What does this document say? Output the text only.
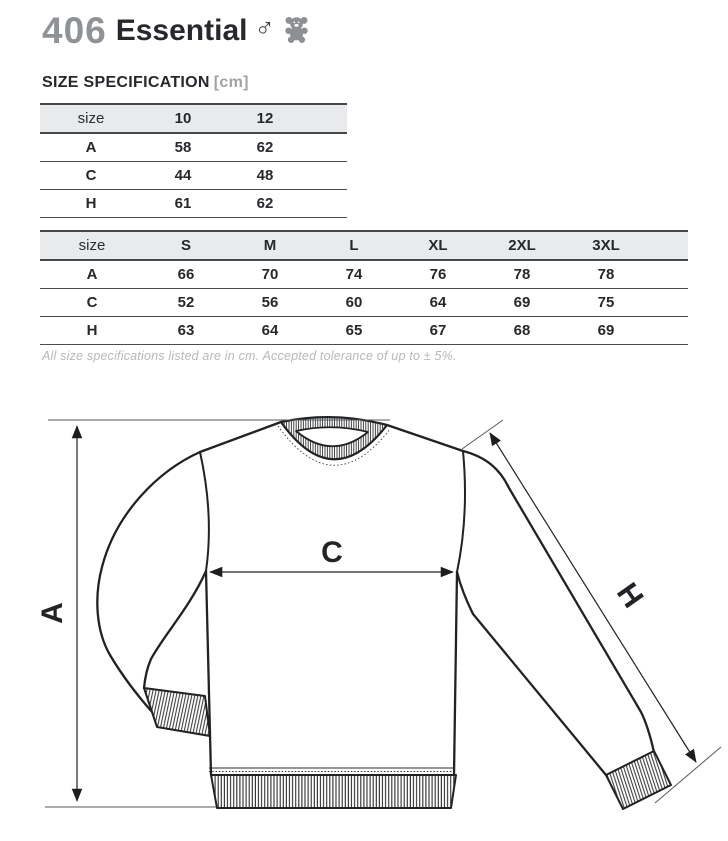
406 Essential ♂
SIZE SPECIFICATION [cm]
size	10	12	
A	58	62	
C	44	48	
H	61	62	
size	S	M	L	XL	2XL	3XL	
A	66	70	74	76	78	78	
C	52	56	60	64	69	75	
H	63	64	65	67	68	69	
All size specifications listed are in cm. Accepted tolerance of up to ± 5%.
A
C
H
